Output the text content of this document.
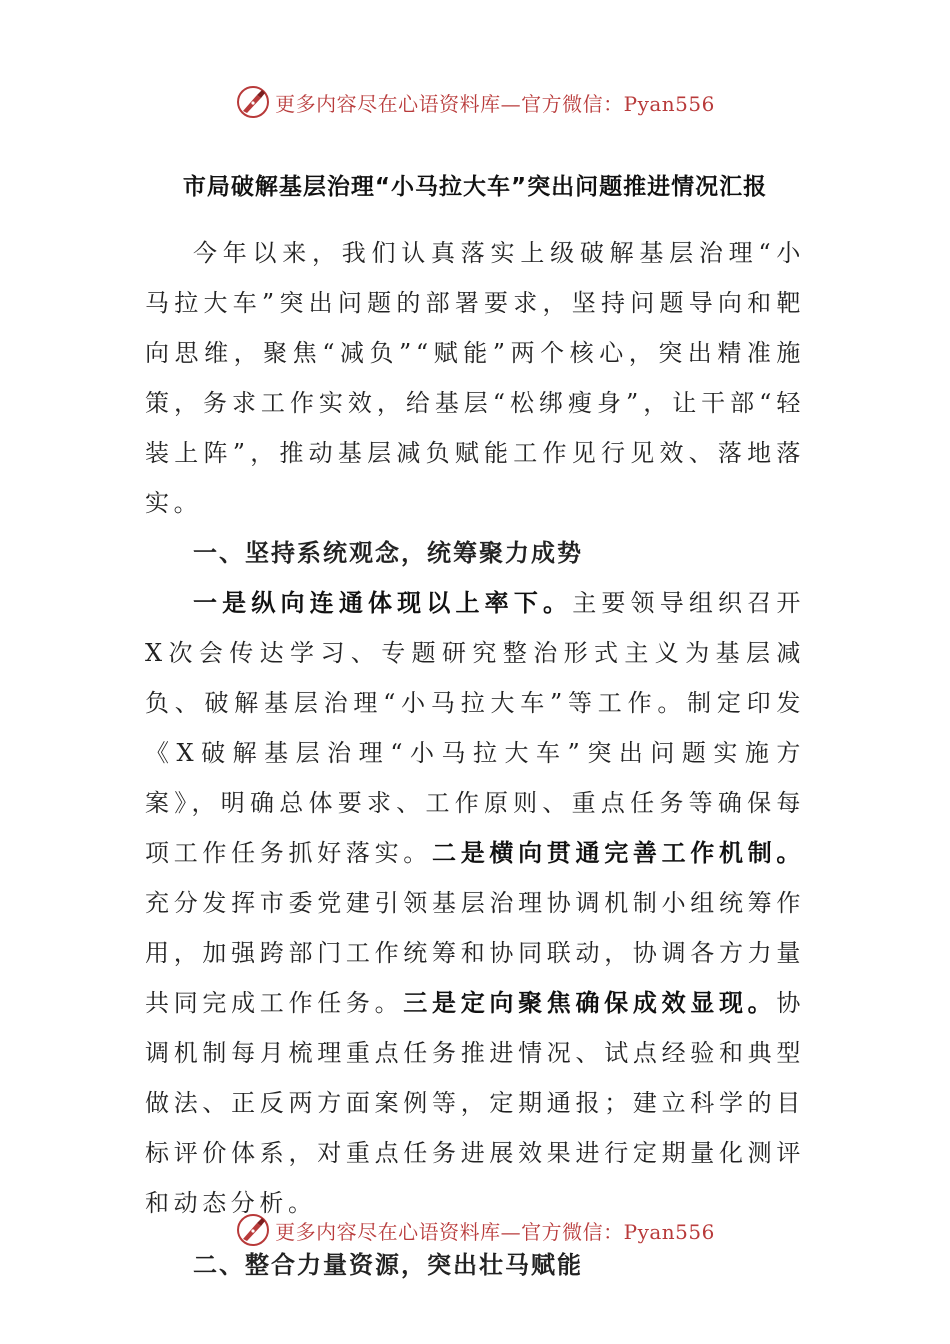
更多内容尽在心语资料库—官方微信：Pyan556
市局破解基层治理“小马拉大车”突出问题推进情况汇报

今年以来，我们认真落实上级破解基层治理“小马拉大车”突出问题的部署要求，坚持问题导向和靶向思维，聚焦“减负”“赋能”两个核心，突出精准施策，务求工作实效，给基层“松绑瘦身”，让干部“轻装上阵”，推动基层减负赋能工作见行见效、落地落实。

一、坚持系统观念，统筹聚力成势

一是纵向连通体现以上率下。主要领导组织召开X次会传达学习、专题研究整治形式主义为基层减负、破解基层治理“小马拉大车”等工作。制定印发《X破解基层治理“小马拉大车”突出问题实施方案》，明确总体要求、工作原则、重点任务等确保每项工作任务抓好落实。二是横向贯通完善工作机制。充分发挥市委党建引领基层治理协调机制小组统筹作用，加强跨部门工作统筹和协同联动，协调各方力量共同完成工作任务。三是定向聚焦确保成效显现。协调机制每月梳理重点任务推进情况、试点经验和典型做法、正反两方面案例等，定期通报；建立科学的目标评价体系，对重点任务进展效果进行定期量化测评和动态分析。

二、整合力量资源，突出壮马赋能

更多内容尽在心语资料库—官方微信：Pyan556
